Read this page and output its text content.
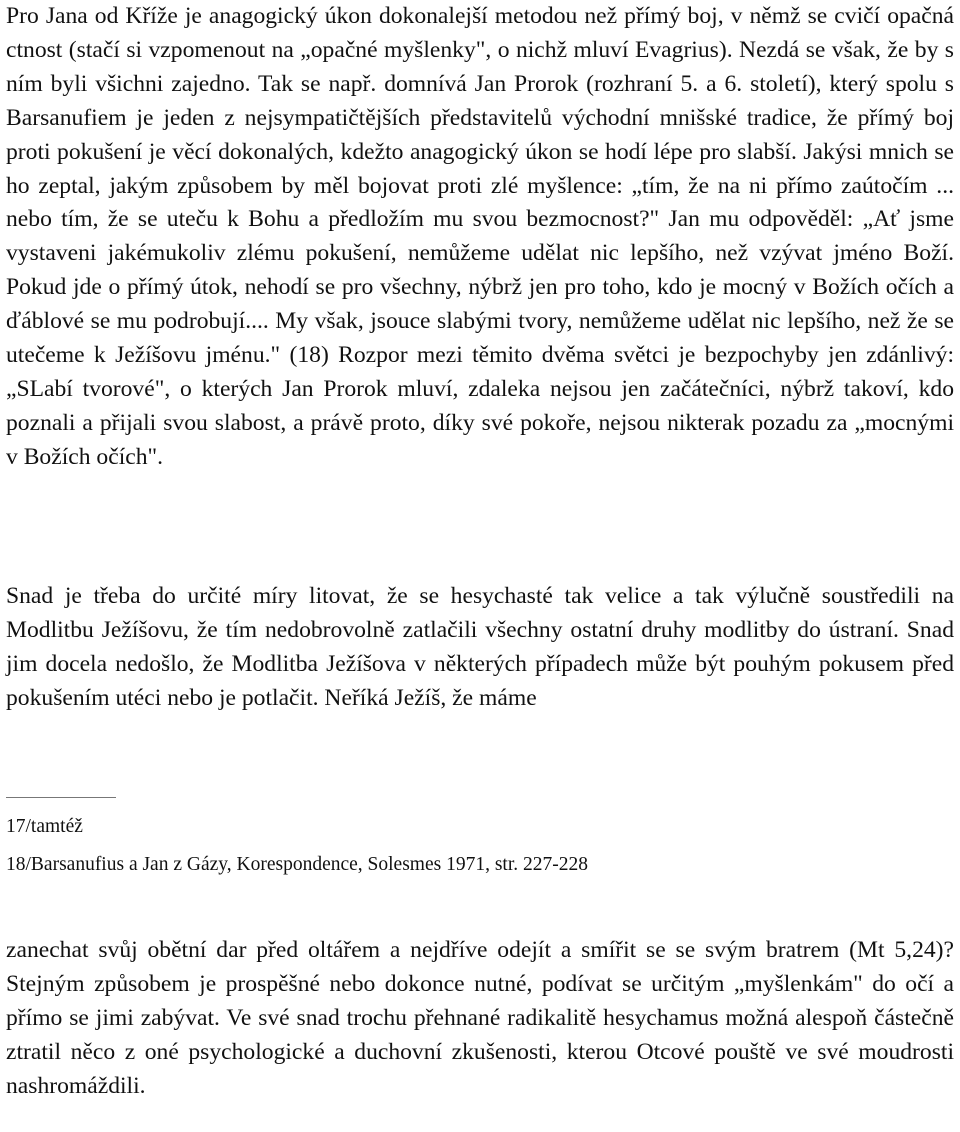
Pro Jana od Kříže je anagogický úkon dokonalejší metodou než přímý boj, v němž se cvičí opačná ctnost (stačí si vzpomenout na „opačné myšlenky", o nichž mluví Evagrius). Nezdá se však, že by s ním byli všichni zajedno. Tak se např. domnívá Jan Prorok (rozhraní 5. a 6. století), který spolu s Barsanufiem je jeden z nejsympatičtějších představitelů východní mnišské tradice, že přímý boj proti pokušení je věcí dokonalých, kdežto anagogický úkon se hodí lépe pro slabší. Jakýsi mnich se ho zeptal, jakým způsobem by měl bojovat proti zlé myšlence: „tím, že na ni přímo zaútočím ... nebo tím, že se uteču k Bohu a předložím mu svou bezmocnost?" Jan mu odpověděl: „Ať jsme vystaveni jakémukoliv zlému pokušení, nemůžeme udělat nic lepšího, než vzývat jméno Boží. Pokud jde o přímý útok, nehodí se pro všechny, nýbrž jen pro toho, kdo je mocný v Božích očích a ďáblové se mu podrobují.... My však, jsouce slabými tvory, nemůžeme udělat nic lepšího, než že se utečeme k Ježíšovu jménu." (18) Rozpor mezi těmito dvěma světci je bezpochyby jen zdánlivý: „SLabí tvorové", o kterých Jan Prorok mluví, zdaleka nejsou jen začátečníci, nýbrž takoví, kdo poznali a přijali svou slabost, a právě proto, díky své pokoře, nejsou nikterak pozadu za „mocnými v Božích očích".

Snad je třeba do určité míry litovat, že se hesychasté tak velice a tak výlučně soustředili na Modlitbu Ježíšovu, že tím nedobrovolně zatlačili všechny ostatní druhy modlitby do ústraní. Snad jim docela nedošlo, že Modlitba Ježíšova v některých případech může být pouhým pokusem před pokušením utéci nebo je potlačit. Neříká Ježíš, že máme

17/tamtéž

18/Barsanufius a Jan z Gázy, Korespondence, Solesmes 1971, str. 227-228

zanechat svůj obětní dar před oltářem a nejdříve odejít a smířit se se svým bratrem (Mt 5,24)? Stejným způsobem je prospěšné nebo dokonce nutné, podívat se určitým „myšlenkám" do očí a přímo se jimi zabývat. Ve své snad trochu přehnané radikalitě hesychamus možná alespoň částečně ztratil něco z oné psychologické a duchovní zkušenosti, kterou Otcové pouště ve své moudrosti nashromáždili.
